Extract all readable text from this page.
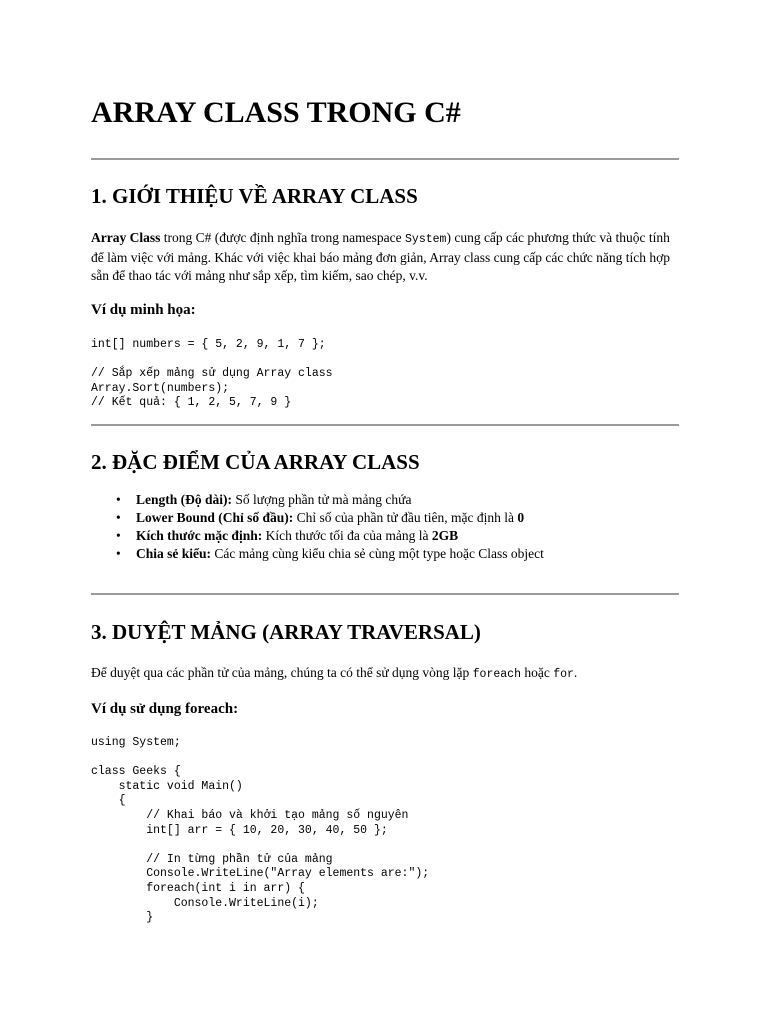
ARRAY CLASS TRONG C#
1. GIỚI THIỆU VỀ ARRAY CLASS

Array Class trong C# (được định nghĩa trong namespace System) cung cấp các phương thức và thuộc tính để làm việc với mảng. Khác với việc khai báo mảng đơn giản, Array class cung cấp các chức năng tích hợp sẵn để thao tác với mảng như sắp xếp, tìm kiếm, sao chép, v.v.

Ví dụ minh họa:
int[] numbers = { 5, 2, 9, 1, 7 };

// Sắp xếp mảng sử dụng Array class
Array.Sort(numbers);
// Kết quả: { 1, 2, 5, 7, 9 }
2. ĐẶC ĐIỂM CỦA ARRAY CLASS
• Length (Độ dài): Số lượng phần tử mà mảng chứa
• Lower Bound (Chỉ số đầu): Chỉ số của phần tử đầu tiên, mặc định là 0
• Kích thước mặc định: Kích thước tối đa của mảng là 2GB
• Chia sẻ kiểu: Các mảng cùng kiểu chia sẻ cùng một type hoặc Class object
3. DUYỆT MẢNG (ARRAY TRAVERSAL)

Để duyệt qua các phần tử của mảng, chúng ta có thể sử dụng vòng lặp foreach hoặc for.

Ví dụ sử dụng foreach:
using System;

class Geeks {
static void Main()
{
// Khai báo và khởi tạo mảng số nguyên
int[] arr = { 10, 20, 30, 40, 50 };

// In từng phần tử của mảng
Console.WriteLine("Array elements are:");
foreach(int i in arr) {
Console.WriteLine(i);
}
